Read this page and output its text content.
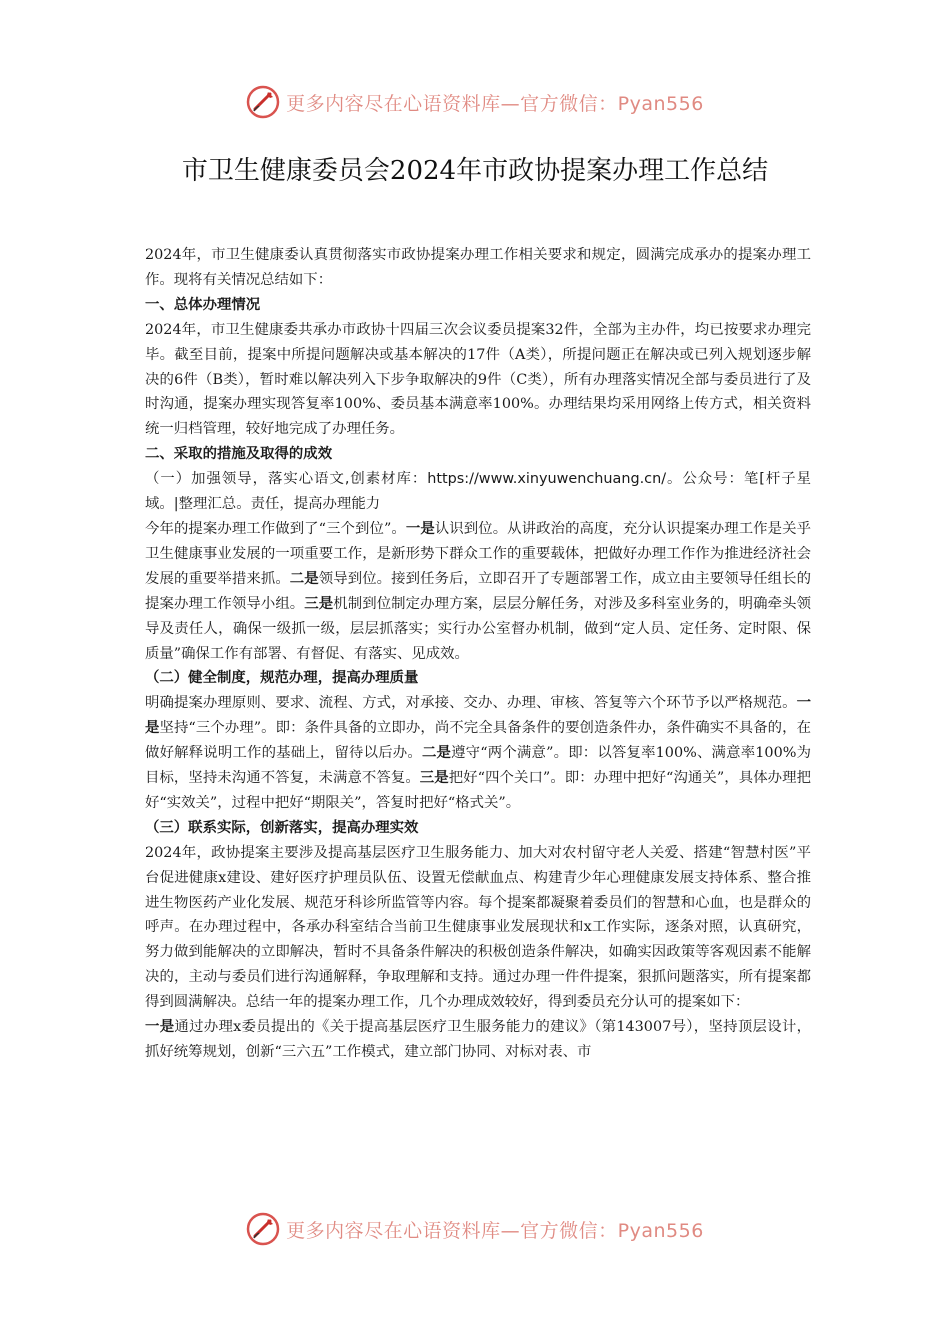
更多内容尽在心语资料库—官方微信：Pyan556
市卫生健康委员会2024年市政协提案办理工作总结

2024年，市卫生健康委认真贯彻落实市政协提案办理工作相关要求和规定，圆满完成承办的提案办理工作。现将有关情况总结如下：

一、总体办理情况

2024年，市卫生健康委共承办市政协十四届三次会议委员提案32件，全部为主办件，均已按要求办理完毕。截至目前，提案中所提问题解决或基本解决的17件（A类），所提问题正在解决或已列入规划逐步解决的6件（B类），暂时难以解决列入下步争取解决的9件（C类），所有办理落实情况全部与委员进行了及时沟通，提案办理实现答复率100%、委员基本满意率100%。办理结果均采用网络上传方式，相关资料统一归档管理，较好地完成了办理任务。

二、采取的措施及取得的成效

（一）加强领导，落实心语文,创素材库：https://www.xinyuwenchuang.cn/。公众号：笔[杆子星域。|整理汇总。责任，提高办理能力

今年的提案办理工作做到了“三个到位”。一是认识到位。从讲政治的高度，充分认识提案办理工作是关乎卫生健康事业发展的一项重要工作，是新形势下群众工作的重要载体，把做好办理工作作为推进经济社会发展的重要举措来抓。二是领导到位。接到任务后，立即召开了专题部署工作，成立由主要领导任组长的提案办理工作领导小组。三是机制到位制定办理方案，层层分解任务，对涉及多科室业务的，明确牵头领导及责任人，确保一级抓一级，层层抓落实；实行办公室督办机制，做到“定人员、定任务、定时限、保质量”确保工作有部署、有督促、有落实、见成效。

（二）健全制度，规范办理，提高办理质量

明确提案办理原则、要求、流程、方式，对承接、交办、办理、审核、答复等六个环节予以严格规范。一是坚持“三个办理”。即：条件具备的立即办，尚不完全具备条件的要创造条件办，条件确实不具备的，在做好解释说明工作的基础上，留待以后办。二是遵守“两个满意”。即：以答复率100%、满意率100%为目标，坚持未沟通不答复，未满意不答复。三是把好“四个关口”。即：办理中把好“沟通关”，具体办理把好“实效关”，过程中把好“期限关”，答复时把好“格式关”。

（三）联系实际，创新落实，提高办理实效

2024年，政协提案主要涉及提高基层医疗卫生服务能力、加大对农村留守老人关爱、搭建“智慧村医”平台促进健康x建设、建好医疗护理员队伍、设置无偿献血点、构建青少年心理健康发展支持体系、整合推进生物医药产业化发展、规范牙科诊所监管等内容。每个提案都凝聚着委员们的智慧和心血，也是群众的呼声。在办理过程中，各承办科室结合当前卫生健康事业发展现状和x工作实际，逐条对照，认真研究，努力做到能解决的立即解决，暂时不具备条件解决的积极创造条件解决，如确实因政策等客观因素不能解决的，主动与委员们进行沟通解释，争取理解和支持。通过办理一件件提案，狠抓问题落实，所有提案都得到圆满解决。总结一年的提案办理工作，几个办理成效较好，得到委员充分认可的提案如下：

一是通过办理x委员提出的《关于提高基层医疗卫生服务能力的建议》（第143007号），坚持顶层设计，抓好统筹规划，创新“三六五”工作模式，建立部门协同、对标对表、市

更多内容尽在心语资料库—官方微信：Pyan556
